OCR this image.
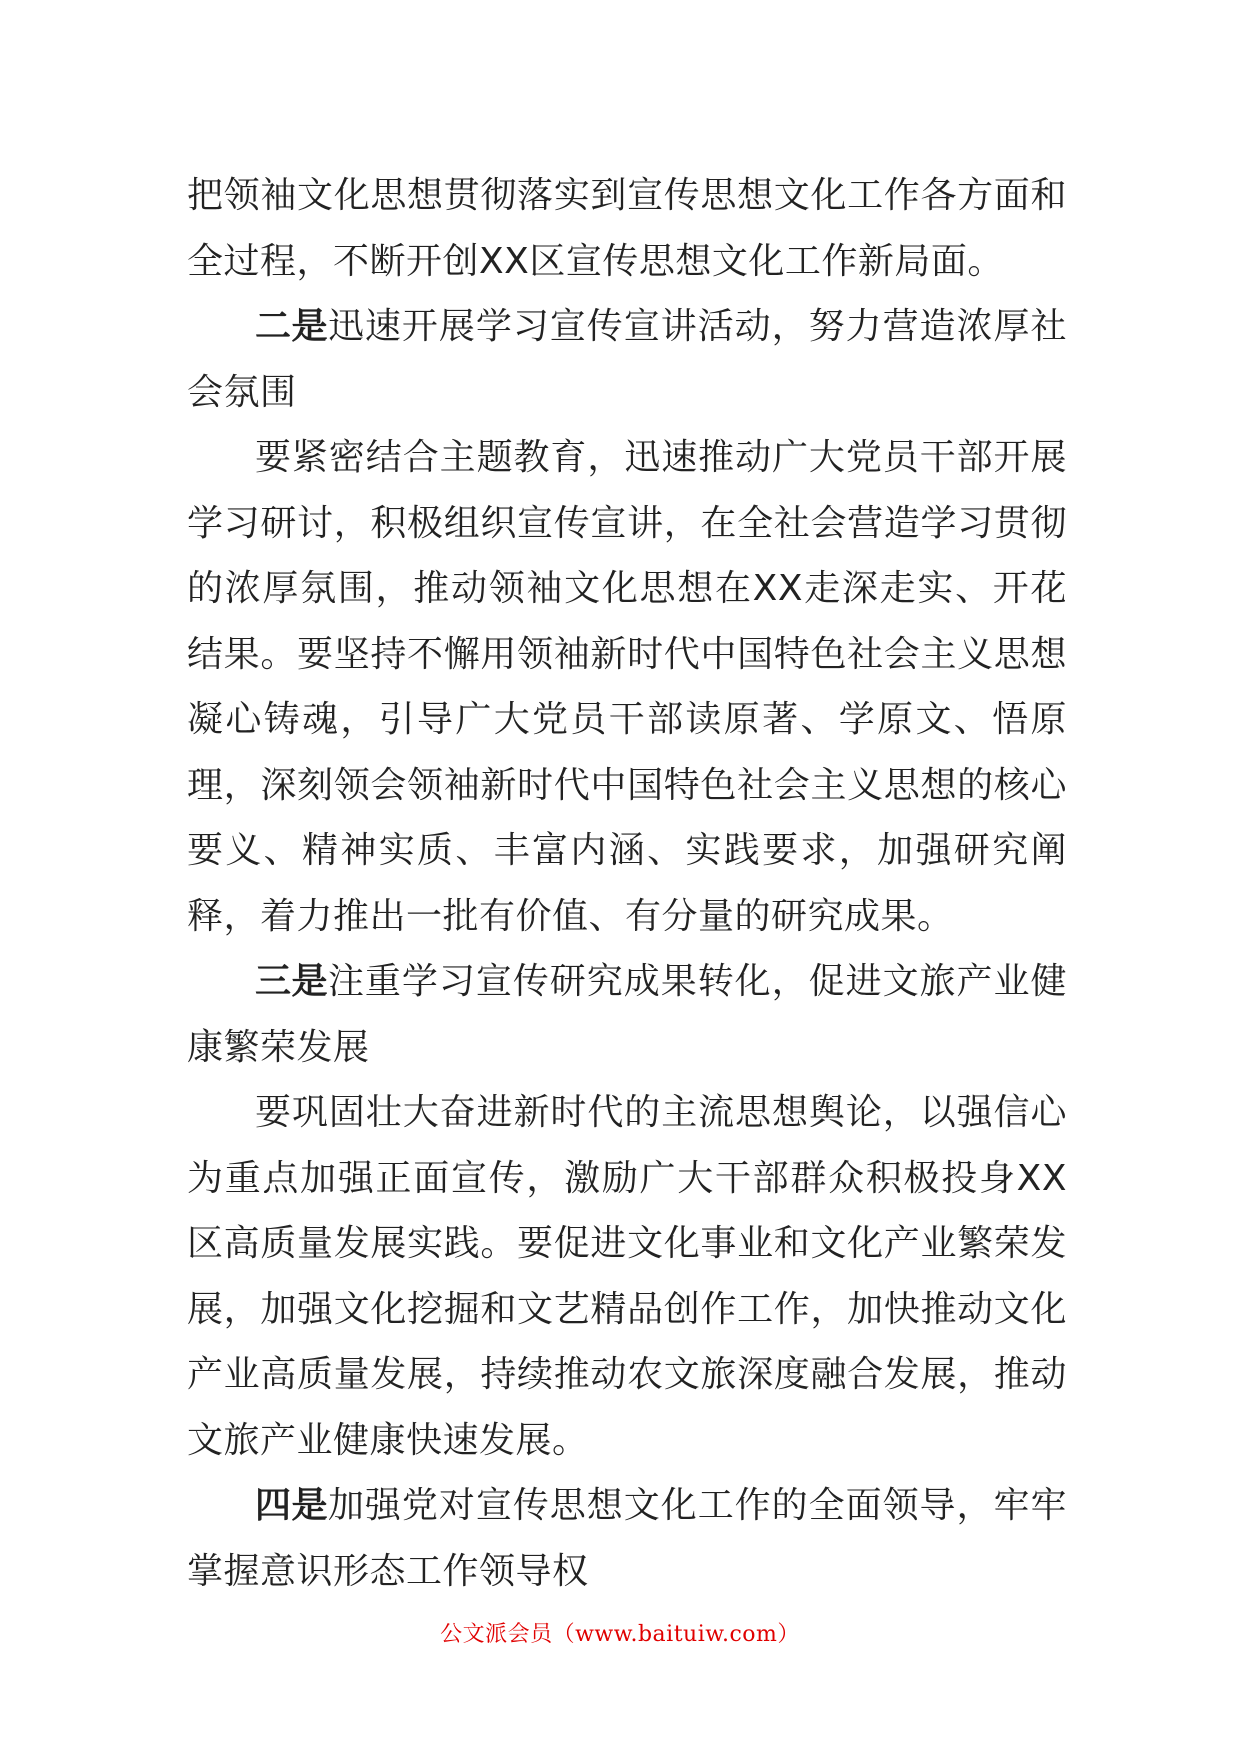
把领袖文化思想贯彻落实到宣传思想文化工作各方面和全过程，不断开创XX区宣传思想文化工作新局面。

二是迅速开展学习宣传宣讲活动，努力营造浓厚社会氛围

要紧密结合主题教育，迅速推动广大党员干部开展学习研讨，积极组织宣传宣讲，在全社会营造学习贯彻的浓厚氛围，推动领袖文化思想在XX走深走实、开花结果。要坚持不懈用领袖新时代中国特色社会主义思想凝心铸魂，引导广大党员干部读原著、学原文、悟原理，深刻领会领袖新时代中国特色社会主义思想的核心要义、精神实质、丰富内涵、实践要求，加强研究阐释，着力推出一批有价值、有分量的研究成果。

三是注重学习宣传研究成果转化，促进文旅产业健康繁荣发展

要巩固壮大奋进新时代的主流思想舆论，以强信心为重点加强正面宣传，激励广大干部群众积极投身XX区高质量发展实践。要促进文化事业和文化产业繁荣发展，加强文化挖掘和文艺精品创作工作，加快推动文化产业高质量发展，持续推动农文旅深度融合发展，推动文旅产业健康快速发展。

四是加强党对宣传思想文化工作的全面领导，牢牢掌握意识形态工作领导权

公文派会员（www.baituiw.com）
